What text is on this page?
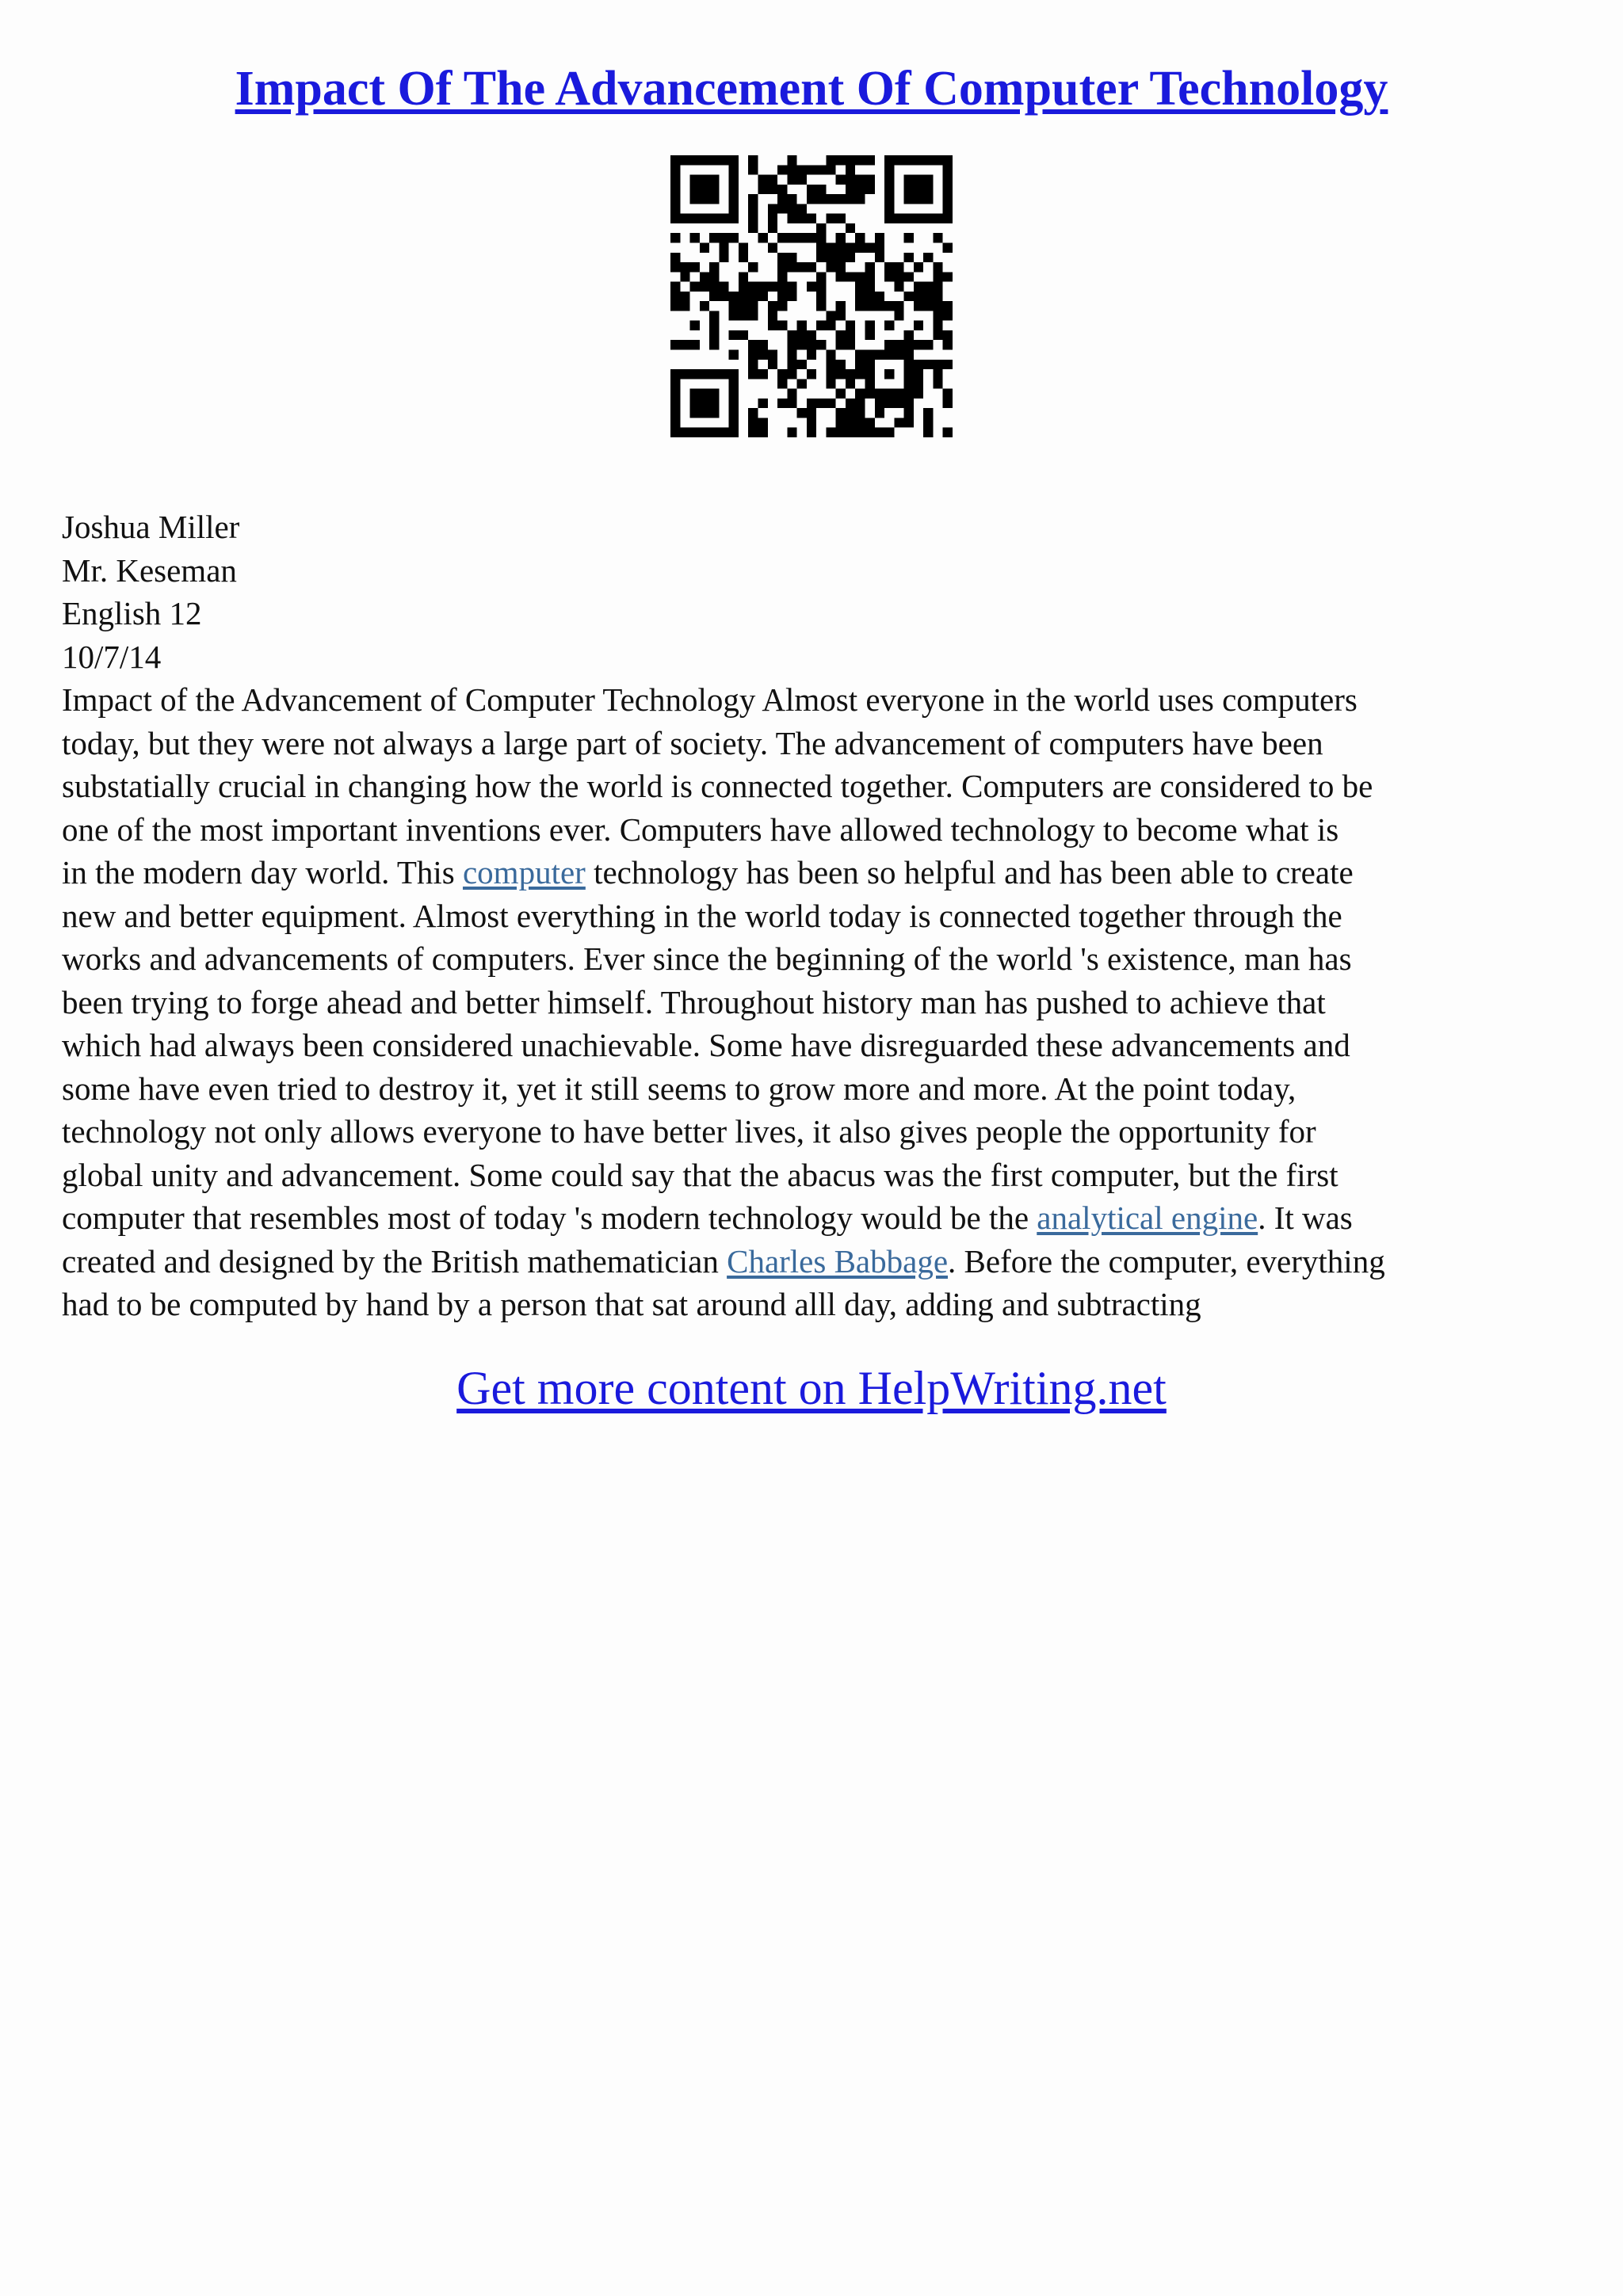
Impact Of The Advancement Of Computer Technology
Joshua Miller
Mr. Keseman
English 12
10/7/14
Impact of the Advancement of Computer Technology Almost everyone in the world uses computers
today, but they were not always a large part of society. The advancement of computers have been
substatially crucial in changing how the world is connected together. Computers are considered to be
one of the most important inventions ever. Computers have allowed technology to become what is
in the modern day world. This computer technology has been so helpful and has been able to create
new and better equipment. Almost everything in the world today is connected together through the
works and advancements of computers. Ever since the beginning of the world 's existence, man has
been trying to forge ahead and better himself. Throughout history man has pushed to achieve that
which had always been considered unachievable. Some have disreguarded these advancements and
some have even tried to destroy it, yet it still seems to grow more and more. At the point today,
technology not only allows everyone to have better lives, it also gives people the opportunity for
global unity and advancement. Some could say that the abacus was the first computer, but the first
computer that resembles most of today 's modern technology would be the analytical engine. It was
created and designed by the British mathematician Charles Babbage. Before the computer, everything
had to be computed by hand by a person that sat around alll day, adding and subtracting
Get more content on HelpWriting.net
